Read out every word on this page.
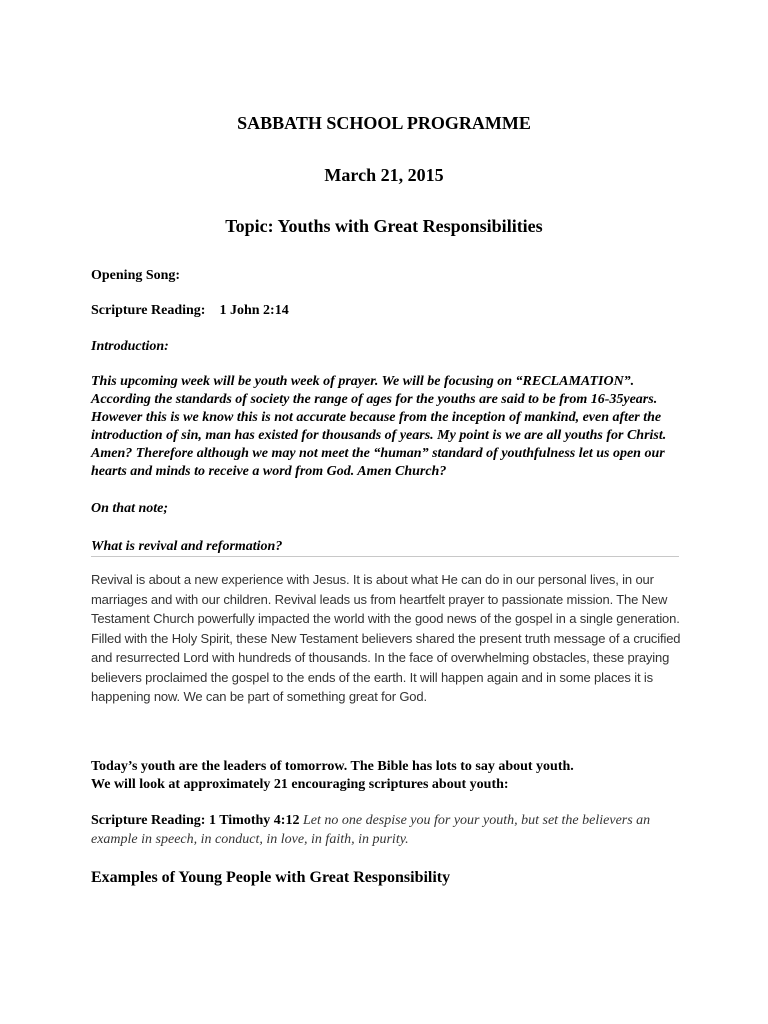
SABBATH SCHOOL PROGRAMME
March 21, 2015
Topic: Youths with Great Responsibilities

Opening Song:

Scripture Reading: 1 John 2:14

Introduction:

This upcoming week will be youth week of prayer. We will be focusing on “RECLAMATION”. According the standards of society the range of ages for the youths are said to be from 16-35years. However this is we know this is not accurate because from the inception of mankind, even after the introduction of sin, man has existed for thousands of years. My point is we are all youths for Christ. Amen? Therefore although we may not meet the “human” standard of youthfulness let us open our hearts and minds to receive a word from God. Amen Church?

On that note;

What is revival and reformation?

Revival is about a new experience with Jesus. It is about what He can do in our personal lives, in our marriages and with our children. Revival leads us from heartfelt prayer to passionate mission. The New Testament Church powerfully impacted the world with the good news of the gospel in a single generation. Filled with the Holy Spirit, these New Testament believers shared the present truth message of a crucified and resurrected Lord with hundreds of thousands. In the face of overwhelming obstacles, these praying believers proclaimed the gospel to the ends of the earth. It will happen again and in some places it is happening now. We can be part of something great for God.

Today’s youth are the leaders of tomorrow. The Bible has lots to say about youth.
We will look at approximately 21 encouraging scriptures about youth:

Scripture Reading: 1 Timothy 4:12 Let no one despise you for your youth, but set the believers an example in speech, in conduct, in love, in faith, in purity.

Examples of Young People with Great Responsibility
